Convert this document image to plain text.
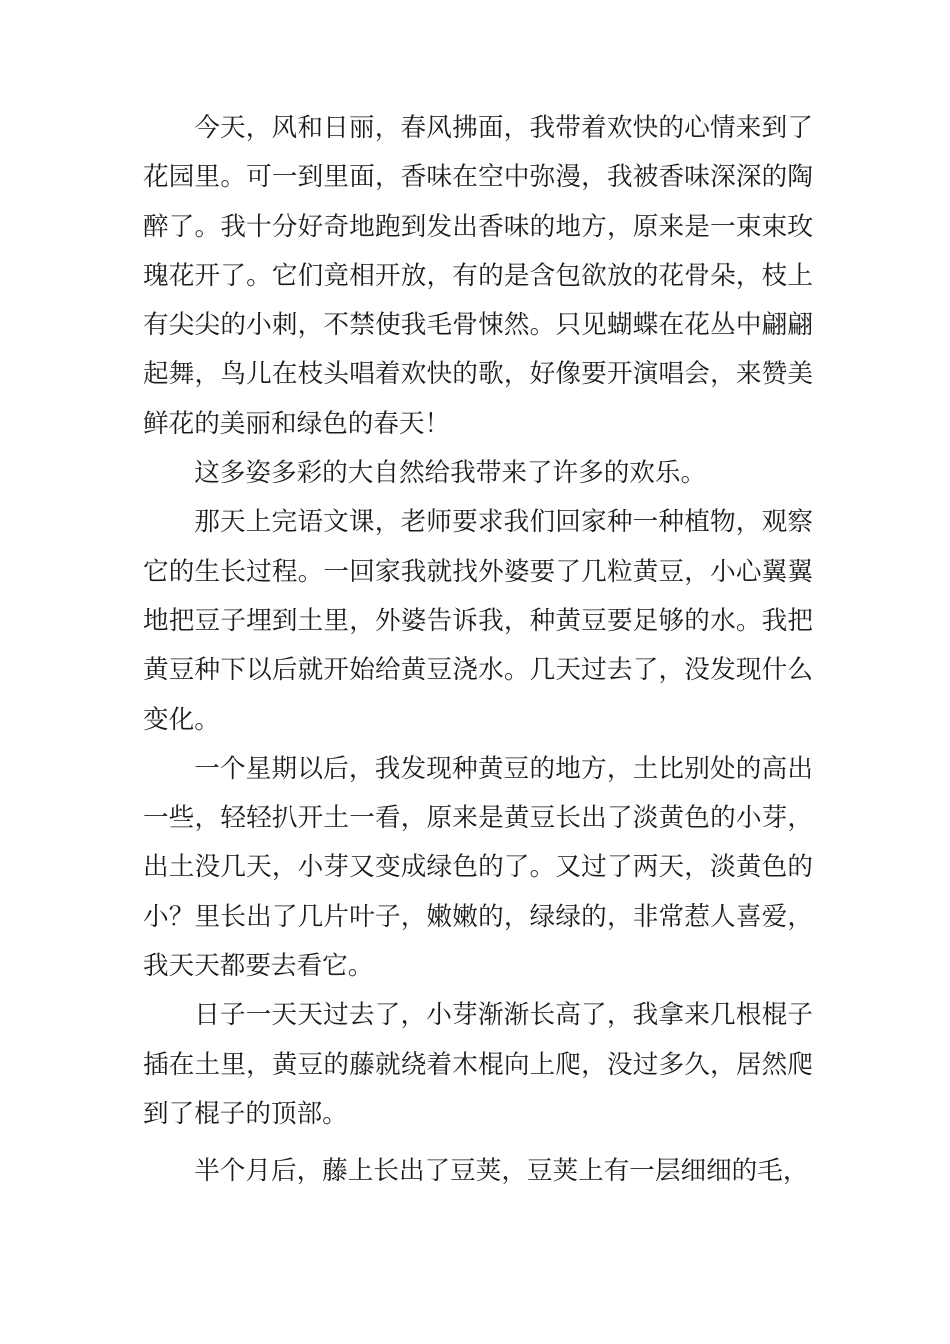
今天，风和日丽，春风拂面，我带着欢快的心情来到了花园里。可一到里面，香味在空中弥漫，我被香味深深的陶醉了。我十分好奇地跑到发出香味的地方，原来是一束束玫瑰花开了。它们竟相开放，有的是含包欲放的花骨朵，枝上有尖尖的小刺，不禁使我毛骨悚然。只见蝴蝶在花丛中翩翩起舞，鸟儿在枝头唱着欢快的歌，好像要开演唱会，来赞美鲜花的美丽和绿色的春天！

这多姿多彩的大自然给我带来了许多的欢乐。

那天上完语文课，老师要求我们回家种一种植物，观察它的生长过程。一回家我就找外婆要了几粒黄豆，小心翼翼地把豆子埋到土里，外婆告诉我，种黄豆要足够的水。我把黄豆种下以后就开始给黄豆浇水。几天过去了，没发现什么变化。

一个星期以后，我发现种黄豆的地方，土比别处的高出一些，轻轻扒开土一看，原来是黄豆长出了淡黄色的小芽，出土没几天，小芽又变成绿色的了。又过了两天，淡黄色的小？里长出了几片叶子，嫩嫩的，绿绿的，非常惹人喜爱，我天天都要去看它。

日子一天天过去了，小芽渐渐长高了，我拿来几根棍子插在土里，黄豆的藤就绕着木棍向上爬，没过多久，居然爬到了棍子的顶部。

半个月后，藤上长出了豆荚，豆荚上有一层细细的毛，
